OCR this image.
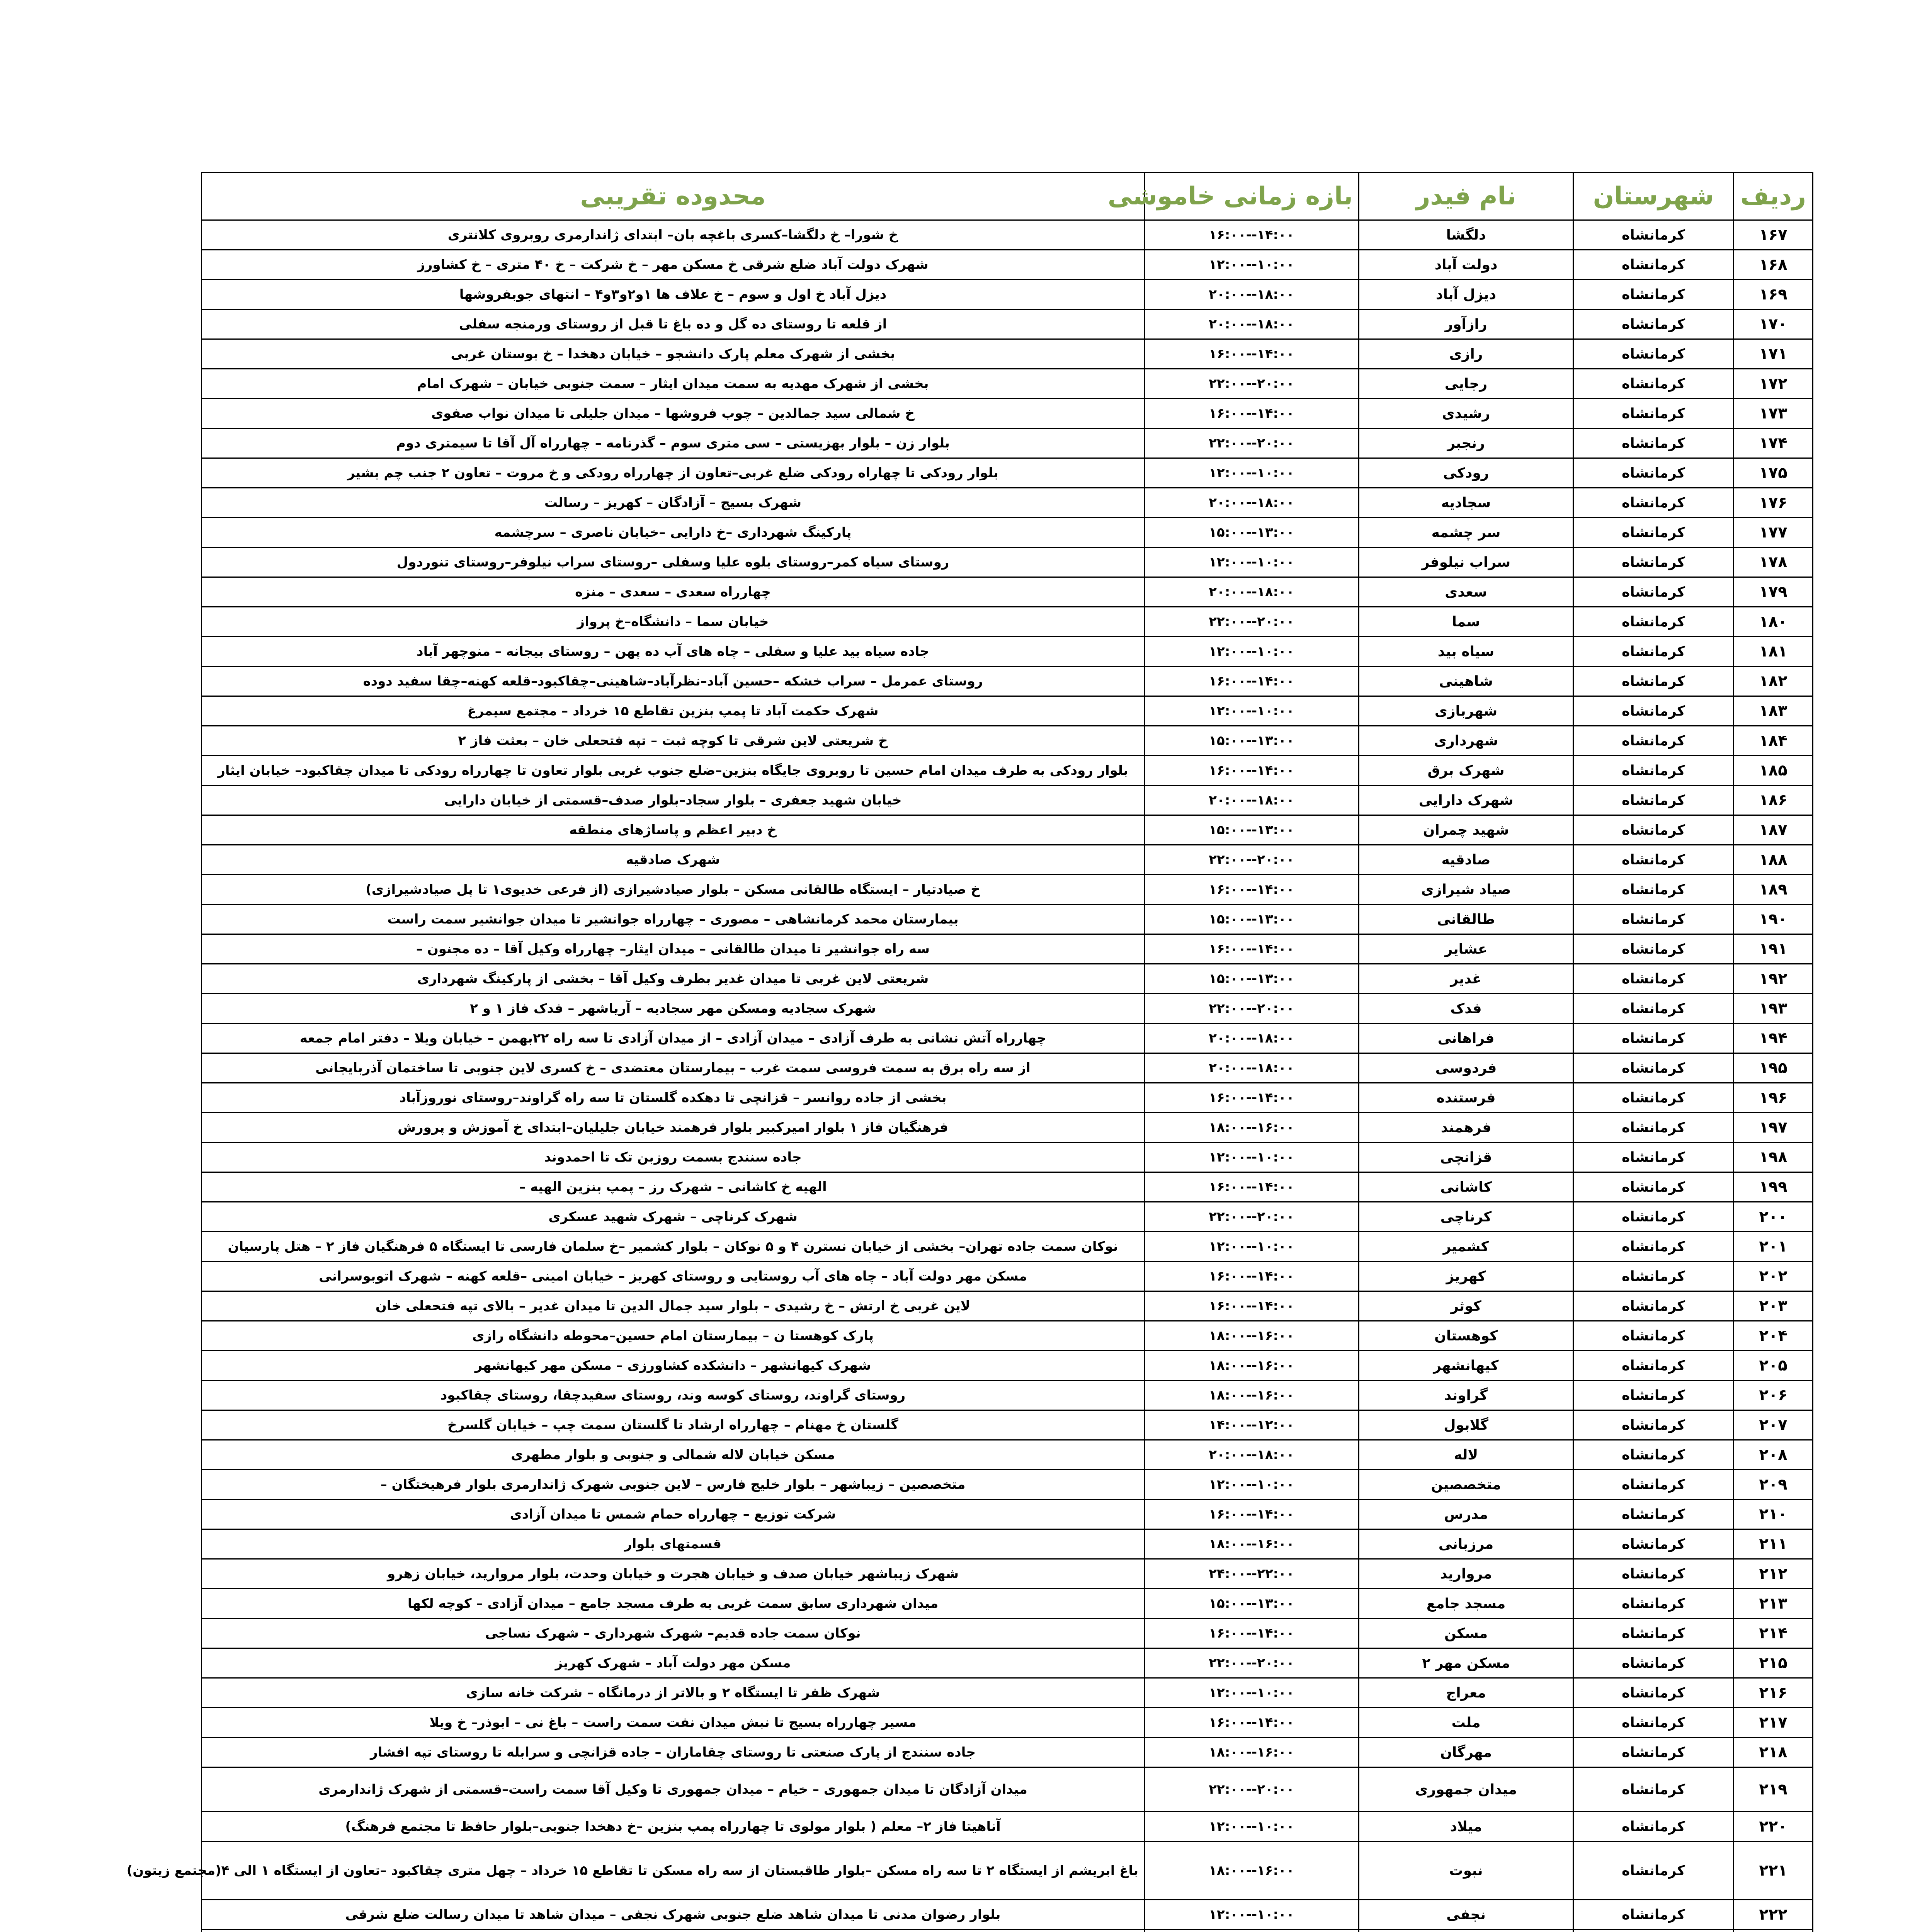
ردیف	شهرستان	نام فیدر	بازه زمانی خاموشی	محدوده تقریبی
۱۶۷	کرمانشاه	دلگشا	۱۴:۰۰--۱۶:۰۰	خ شورا– خ دلگشا–کسری باغچه بان– ابتدای ژاندارمری روبروی کلانتری
۱۶۸	کرمانشاه	دولت آباد	۱۰:۰۰--۱۲:۰۰	شهرک دولت آباد ضلع شرقی خ مسکن مهر – خ شرکت – خ ۴۰ متری – خ کشاورز
۱۶۹	کرمانشاه	دیزل آباد	۱۸:۰۰--۲۰:۰۰	دیزل آباد خ اول و سوم – خ علاف ها ۱و۲و۳و۴ – انتهای جوبفروشها
۱۷۰	کرمانشاه	رازآور	۱۸:۰۰--۲۰:۰۰	از قلعه تا روستای ده گل و ده باغ تا قبل از روستای ورمنجه سفلی
۱۷۱	کرمانشاه	رازی	۱۴:۰۰--۱۶:۰۰	بخشی از شهرک معلم پارک دانشجو – خیابان دهخدا – خ بوستان غربی
۱۷۲	کرمانشاه	رجایی	۲۰:۰۰--۲۲:۰۰	بخشی از شهرک مهدیه به سمت میدان ایثار – سمت جنوبی خیابان – شهرک امام
۱۷۳	کرمانشاه	رشیدی	۱۴:۰۰--۱۶:۰۰	خ شمالی سید جمالدین – چوب فروشها – میدان جلیلی تا میدان نواب صفوی
۱۷۴	کرمانشاه	رنجبر	۲۰:۰۰--۲۲:۰۰	بلوار زن – بلوار بهزیستی – سی متری سوم – گذرنامه – چهارراه آل آقا تا سیمتری دوم
۱۷۵	کرمانشاه	رودکی	۱۰:۰۰--۱۲:۰۰	بلوار رودکی تا چهاراه رودکی ضلع غربی–تعاون از چهارراه رودکی و خ مروت – تعاون ۲ جنب چم بشیر
۱۷۶	کرمانشاه	سجادیه	۱۸:۰۰--۲۰:۰۰	شهرک بسیج – آزادگان – کهریز – رسالت
۱۷۷	کرمانشاه	سر چشمه	۱۳:۰۰--۱۵:۰۰	پارکینگ شهرداری –خ دارایی –خیابان ناصری – سرچشمه
۱۷۸	کرمانشاه	سراب نیلوفر	۱۰:۰۰--۱۲:۰۰	روستای سیاه کمر–روستای بلوه علیا وسفلی –روستای سراب نیلوفر–روستای تنوردول
۱۷۹	کرمانشاه	سعدی	۱۸:۰۰--۲۰:۰۰	چهارراه سعدی – سعدی – منزه
۱۸۰	کرمانشاه	سما	۲۰:۰۰--۲۲:۰۰	خیابان سما – دانشگاه–خ پرواز
۱۸۱	کرمانشاه	سیاه بید	۱۰:۰۰--۱۲:۰۰	جاده سیاه بید علیا و سفلی – چاه های آب ده پهن – روستای بیجانه – منوچهر آباد
۱۸۲	کرمانشاه	شاهینی	۱۴:۰۰--۱۶:۰۰	روستای عمرمل – سراب خشکه –حسین آباد–نظرآباد–شاهینی–چقاکبود–قلعه کهنه–چقا سفید دوده
۱۸۳	کرمانشاه	شهربازی	۱۰:۰۰--۱۲:۰۰	شهرک حکمت آباد تا پمپ بنزین تقاطع ۱۵ خرداد – مجتمع سیمرغ
۱۸۴	کرمانشاه	شهرداری	۱۳:۰۰--۱۵:۰۰	خ شریعتی لاین شرقی تا کوچه ثبت – تپه فتحعلی خان – بعثت فاز ۲
۱۸۵	کرمانشاه	شهرک برق	۱۴:۰۰--۱۶:۰۰	بلوار رودکی به طرف میدان امام حسین تا روبروی جایگاه بنزین–ضلع جنوب غربی بلوار تعاون تا چهارراه رودکی تا میدان چقاکبود– خیابان ایثار
۱۸۶	کرمانشاه	شهرک دارایی	۱۸:۰۰--۲۰:۰۰	خیابان شهید جعفری – بلوار سجاد–بلوار صدف–قسمتی از خیابان دارایی
۱۸۷	کرمانشاه	شهید چمران	۱۳:۰۰--۱۵:۰۰	خ دبیر اعظم و پاساژهای منطقه
۱۸۸	کرمانشاه	صادقیه	۲۰:۰۰--۲۲:۰۰	شهرک صادقیه
۱۸۹	کرمانشاه	صیاد شیرازی	۱۴:۰۰--۱۶:۰۰	خ صیادتیار – ایستگاه طالقانی مسکن – بلوار صیادشیرازی (از فرعی خدیوی۱ تا پل صیادشیرازی)
۱۹۰	کرمانشاه	طالقانی	۱۳:۰۰--۱۵:۰۰	بیمارستان محمد کرمانشاهی – مصوری – چهارراه جوانشیر تا میدان جوانشیر سمت راست
۱۹۱	کرمانشاه	عشایر	۱۴:۰۰--۱۶:۰۰	سه راه جوانشیر تا میدان طالقانی – میدان ایثار– چهارراه وکیل آقا – ده مجنون –
۱۹۲	کرمانشاه	غدیر	۱۳:۰۰--۱۵:۰۰	شریعتی لاین غربی تا میدان غدیر بطرف وکیل آقا – بخشی از پارکینگ شهرداری
۱۹۳	کرمانشاه	فدک	۲۰:۰۰--۲۲:۰۰	شهرک سجادیه ومسکن مهر سجادیه – آریاشهر – فدک فاز ۱ و ۲
۱۹۴	کرمانشاه	فراهانی	۱۸:۰۰--۲۰:۰۰	چهارراه آتش نشانی به طرف آزادی – میدان آزادی – از میدان آزادی تا سه راه ۲۲بهمن – خیابان ویلا – دفتر امام جمعه
۱۹۵	کرمانشاه	فردوسی	۱۸:۰۰--۲۰:۰۰	از سه راه برق به سمت فروسی سمت غرب – بیمارستان معتضدی – خ کسری لاین جنوبی تا ساختمان آذربایجانی
۱۹۶	کرمانشاه	فرستنده	۱۴:۰۰--۱۶:۰۰	بخشی از جاده روانسر – قزانچی تا دهکده گلستان تا سه راه گراوند–روستای نوروزآباد
۱۹۷	کرمانشاه	فرهمند	۱۶:۰۰--۱۸:۰۰	فرهنگیان فاز ۱ بلوار امیرکبیر بلوار فرهمند خیابان جلیلیان–ابتدای خ آموزش و پرورش
۱۹۸	کرمانشاه	قزانچی	۱۰:۰۰--۱۲:۰۰	جاده سنندج بسمت روزبن تک تا احمدوند
۱۹۹	کرمانشاه	کاشانی	۱۴:۰۰--۱۶:۰۰	الهیه خ کاشانی – شهرک رز – پمپ بنزین الهیه –
۲۰۰	کرمانشاه	کرناچی	۲۰:۰۰--۲۲:۰۰	شهرک کرناچی – شهرک شهید عسکری
۲۰۱	کرمانشاه	کشمیر	۱۰:۰۰--۱۲:۰۰	نوکان سمت جاده تهران– بخشی از خیابان نسترن ۴ و ۵ نوکان – بلوار کشمیر –خ سلمان فارسی تا ایستگاه ۵ فرهنگیان فاز ۲ – هتل پارسیان
۲۰۲	کرمانشاه	کهریز	۱۴:۰۰--۱۶:۰۰	مسکن مهر دولت آباد – چاه های آب روستایی و روستای کهریز – خیابان امینی –قلعه کهنه – شهرک اتوبوسرانی
۲۰۳	کرمانشاه	کوثر	۱۴:۰۰--۱۶:۰۰	لاین غربی خ ارتش – خ رشیدی – بلوار سید جمال الدین تا میدان غدیر – بالای تپه فتحعلی خان
۲۰۴	کرمانشاه	کوهستان	۱۶:۰۰--۱۸:۰۰	پارک کوهستا ن – بیمارستان امام حسین–محوطه دانشگاه رازی
۲۰۵	کرمانشاه	کیهانشهر	۱۶:۰۰--۱۸:۰۰	شهرک کیهانشهر – دانشکده کشاورزی – مسکن مهر کیهانشهر
۲۰۶	کرمانشاه	گراوند	۱۶:۰۰--۱۸:۰۰	روستای گراوند، روستای کوسه وند، روستای سفیدچقا، روستای چقاکبود
۲۰۷	کرمانشاه	گلابول	۱۲:۰۰--۱۴:۰۰	گلستان خ مهنام – چهارراه ارشاد تا گلستان سمت چپ – خیابان گلسرخ
۲۰۸	کرمانشاه	لاله	۱۸:۰۰--۲۰:۰۰	مسکن خیابان لاله شمالی و جنوبی و بلوار مطهری
۲۰۹	کرمانشاه	متخصصین	۱۰:۰۰--۱۲:۰۰	متخصصین – زیباشهر – بلوار خلیج فارس – لاین جنوبی شهرک ژاندارمری بلوار فرهیختگان –
۲۱۰	کرمانشاه	مدرس	۱۴:۰۰--۱۶:۰۰	شرکت توزیع – چهارراه حمام شمس تا میدان آزادی
۲۱۱	کرمانشاه	مرزبانی	۱۶:۰۰--۱۸:۰۰	قسمتهای بلوار
۲۱۲	کرمانشاه	مروارید	۲۲:۰۰--۲۴:۰۰	شهرک زیباشهر خیابان صدف و خیابان هجرت و خیابان وحدت، بلوار مروارید، خیابان زهرو
۲۱۳	کرمانشاه	مسجد جامع	۱۳:۰۰--۱۵:۰۰	میدان شهرداری سابق سمت غربی به طرف مسجد جامع – میدان آزادی – کوچه لکها
۲۱۴	کرمانشاه	مسکن	۱۴:۰۰--۱۶:۰۰	نوکان سمت جاده قدیم– شهرک شهرداری – شهرک نساجی
۲۱۵	کرمانشاه	مسکن مهر ۲	۲۰:۰۰--۲۲:۰۰	مسکن مهر دولت آباد – شهرک کهریز
۲۱۶	کرمانشاه	معراج	۱۰:۰۰--۱۲:۰۰	شهرک ظفر تا ایستگاه ۲ و بالاتر از درمانگاه – شرکت خانه سازی
۲۱۷	کرمانشاه	ملت	۱۴:۰۰--۱۶:۰۰	مسیر چهارراه بسیج تا نبش میدان نفت سمت راست – باغ نی – ابوذر– خ ویلا
۲۱۸	کرمانشاه	مهرگان	۱۶:۰۰--۱۸:۰۰	جاده سنندج از پارک صنعتی تا روستای چقاماران – جاده قزانچی و سرابله تا روستای تپه افشار
۲۱۹	کرمانشاه	میدان جمهوری	۲۰:۰۰--۲۲:۰۰	میدان آزادگان تا میدان جمهوری – خیام – میدان جمهوری تا وکیل آقا سمت راست–قسمتی از شهرک ژاندارمری
۲۲۰	کرمانشاه	میلاد	۱۰:۰۰--۱۲:۰۰	آناهیتا فاز ۲– معلم ( بلوار مولوی تا چهارراه پمپ بنزین –خ دهخدا جنوبی–بلوار حافظ تا مجتمع فرهنگ)
۲۲۱	کرمانشاه	نبوت	۱۶:۰۰--۱۸:۰۰	باغ ابریشم از ایستگاه ۲ تا سه راه مسکن –بلوار طاقبستان از سه راه مسکن تا تقاطع ۱۵ خرداد – چهل متری چقاکبود –تعاون از ایستگاه ۱ الی ۴(مجتمع زیتون)
۲۲۲	کرمانشاه	نجفی	۱۰:۰۰--۱۲:۰۰	بلوار رضوان مدنی تا میدان شاهد ضلع جنوبی شهرک نجفی – میدان شاهد تا میدان رسالت ضلع شرقی
